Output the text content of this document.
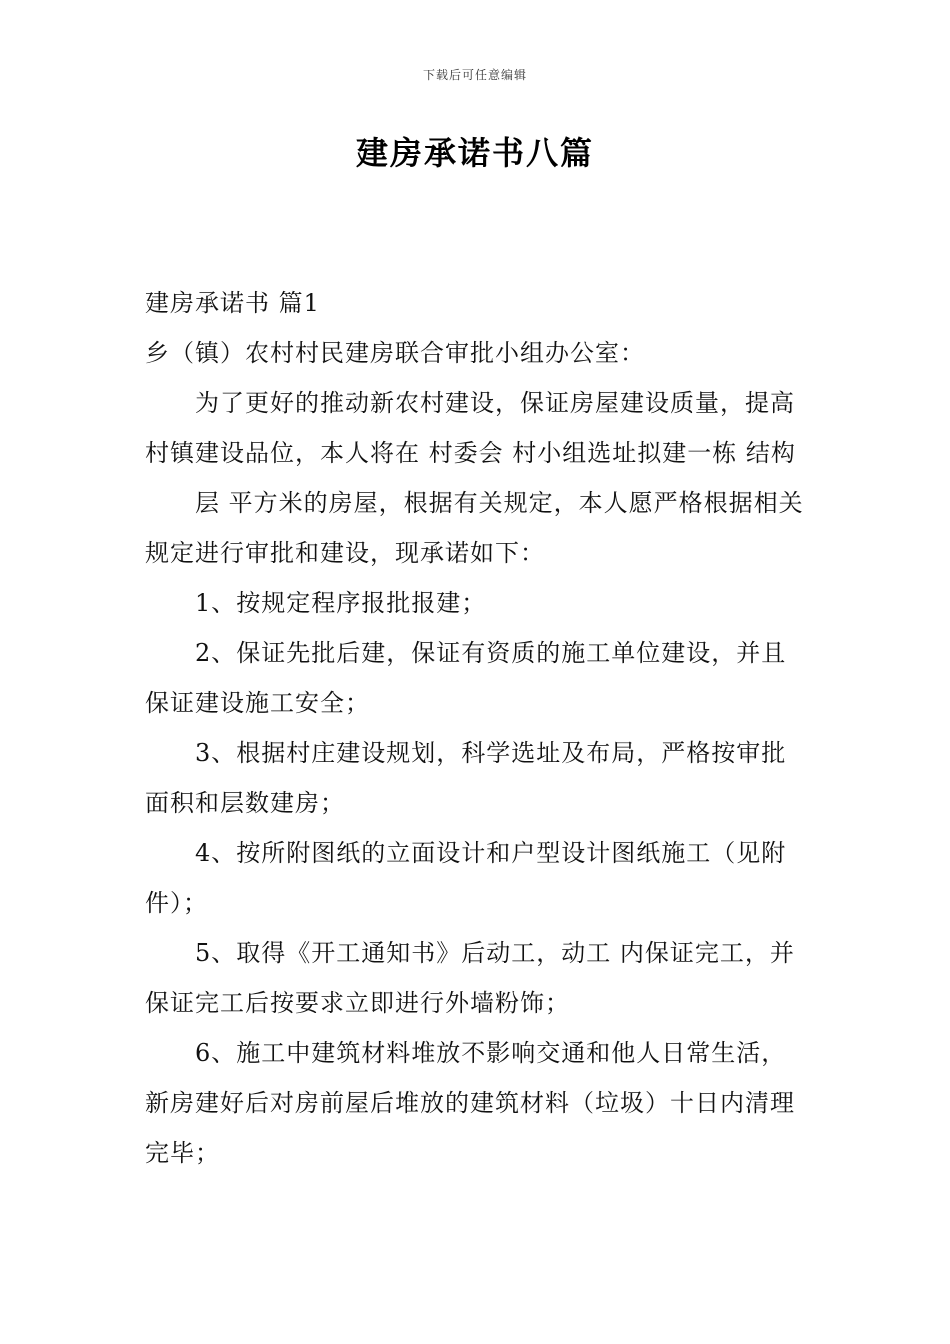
下载后可任意编辑
建房承诺书八篇

建房承诺书 篇1

乡（镇）农村村民建房联合审批小组办公室：

为了更好的推动新农村建设，保证房屋建设质量，提高村镇建设品位，本人将在 村委会 村小组选址拟建一栋 结构

层 平方米的房屋，根据有关规定，本人愿严格根据相关规定进行审批和建设，现承诺如下：

1、按规定程序报批报建；

2、保证先批后建，保证有资质的施工单位建设，并且保证建设施工安全；

3、根据村庄建设规划，科学选址及布局，严格按审批面积和层数建房；

4、按所附图纸的立面设计和户型设计图纸施工（见附件）；

5、取得《开工通知书》后动工，动工 内保证完工，并保证完工后按要求立即进行外墙粉饰；

6、施工中建筑材料堆放不影响交通和他人日常生活，新房建好后对房前屋后堆放的建筑材料（垃圾）十日内清理完毕；
